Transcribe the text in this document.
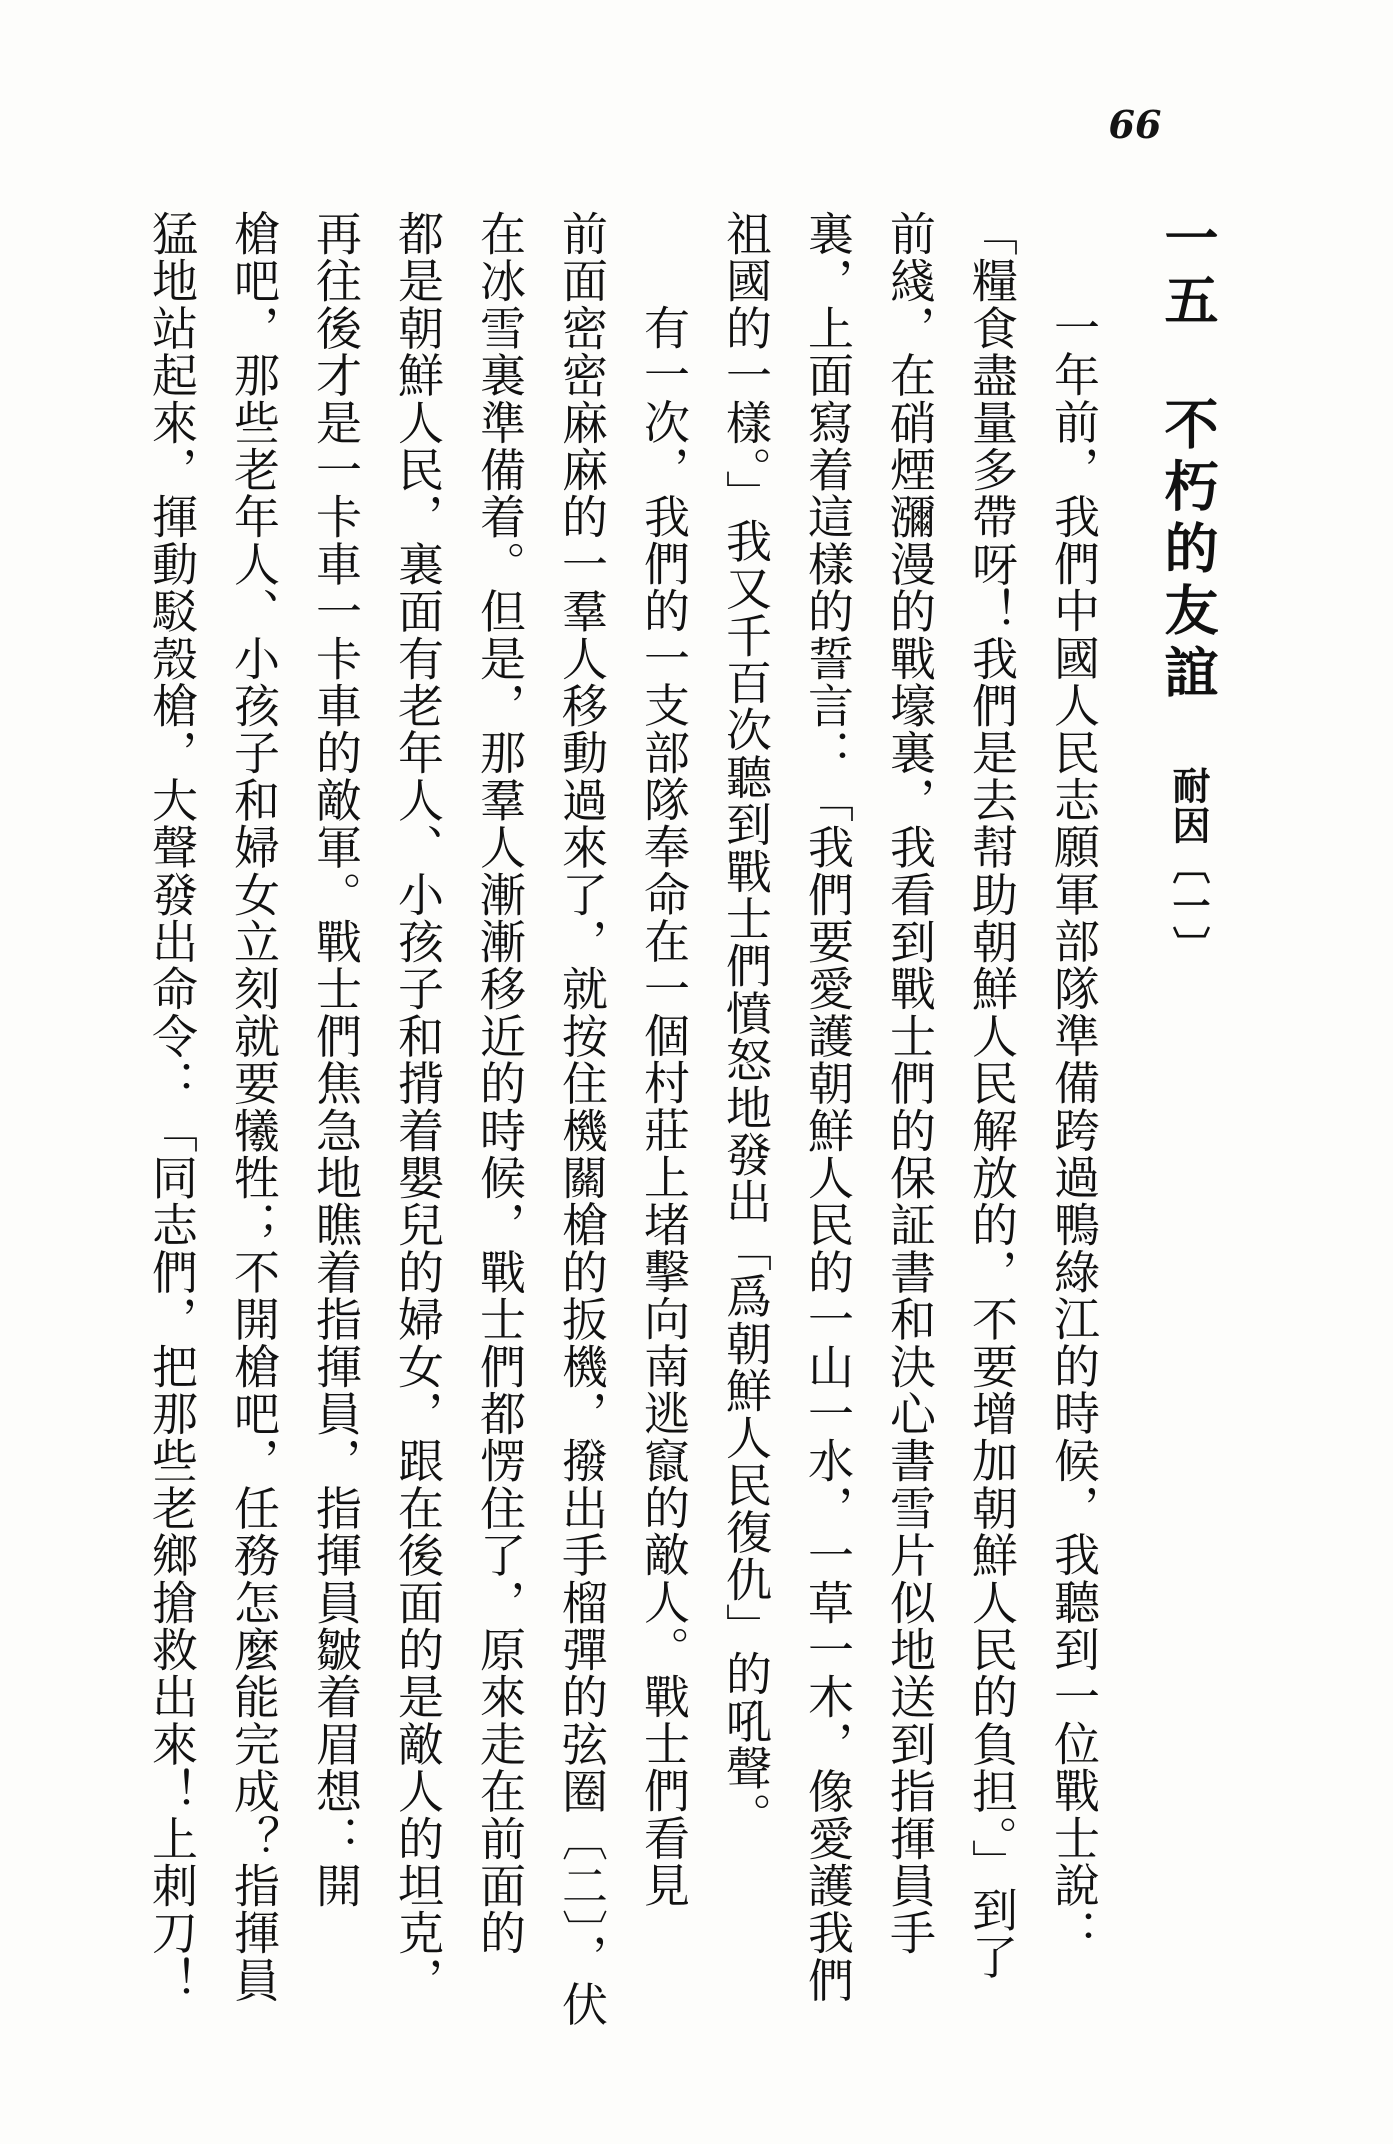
66
一五　不朽的友誼耐因〔一〕
一年前，我們中國人民志願軍部隊準備跨過鴨綠江的時候，我聽到一位戰士說：
「糧食盡量多帶呀！我們是去幇助朝鮮人民解放的，不要增加朝鮮人民的負担。」到了
前綫，在硝煙瀰漫的戰壕裏，我看到戰士們的保証書和決心書雪片似地送到指揮員手
裏，上面寫着這樣的誓言：「我們要愛護朝鮮人民的一山一水，一草一木，像愛護我們
祖國的一樣。」我又千百次聽到戰士們憤怒地發出「爲朝鮮人民復仇」的吼聲。
有一次，我們的一支部隊奉命在一個村莊上堵擊向南逃竄的敵人。戰士們看見
前面密密麻麻的一羣人移動過來了，就按住機關槍的扳機，撥出手榴彈的弦圈〔二〕，伏
在冰雪裏準備着。但是，那羣人漸漸移近的時候，戰士們都愣住了，原來走在前面的
都是朝鮮人民，裏面有老年人、小孩子和揹着嬰兒的婦女，跟在後面的是敵人的坦克，
再往後才是一卡車一卡車的敵軍。戰士們焦急地瞧着指揮員，指揮員皺着眉想：開
槍吧，那些老年人、小孩子和婦女立刻就要犧牲；不開槍吧，任務怎麼能完成？指揮員
猛地站起來，揮動駁殼槍，大聲發出命令：「同志們，把那些老鄉搶救出來！上刺刀！
